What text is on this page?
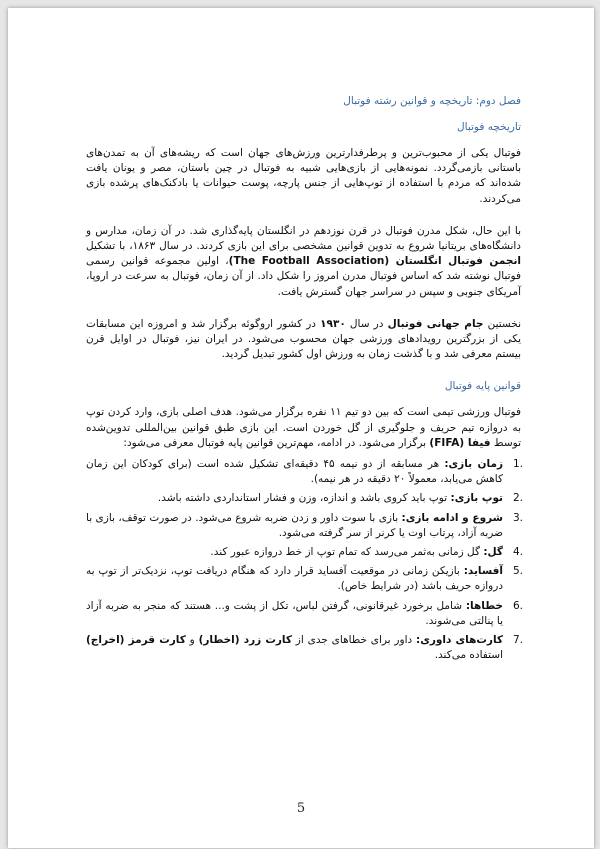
فصل دوم: تاریخچه و قوانین رشته فوتبال

تاریخچه فوتبال

فوتبال یکی از محبوب‌ترین و پرطرفدارترین ورزش‌های جهان است که ریشه‌های آن به تمدن‌های باستانی بازمی‌گردد. نمونه‌هایی از بازی‌هایی شبیه به فوتبال در چین باستان، مصر و یونان یافت شده‌اند که مردم با استفاده از توپ‌هایی از جنس پارچه، پوست حیوانات یا بادکنک‌های پرشده بازی می‌کردند.

با این حال، شکل مدرن فوتبال در قرن نوزدهم در انگلستان پایه‌گذاری شد. در آن زمان، مدارس و دانشگاه‌های بریتانیا شروع به تدوین قوانین مشخصی برای این بازی کردند. در سال ۱۸۶۳، با تشکیل انجمن فوتبال انگلستان (The Football Association)، اولین مجموعه قوانین رسمی فوتبال نوشته شد که اساس فوتبال مدرن امروز را شکل داد. از آن زمان، فوتبال به سرعت در اروپا، آمریکای جنوبی و سپس در سراسر جهان گسترش یافت.

نخستین جام جهانی فوتبال در سال ۱۹۳۰ در کشور اروگوئه برگزار شد و امروزه این مسابقات یکی از بزرگترین رویدادهای ورزشی جهان محسوب می‌شود. در ایران نیز، فوتبال در اوایل قرن بیستم معرفی شد و با گذشت زمان به ورزش اول کشور تبدیل گردید.

قوانین پایه فوتبال

فوتبال ورزشی تیمی است که بین دو تیم ۱۱ نفره برگزار می‌شود. هدف اصلی بازی، وارد کردن توپ به دروازه تیم حریف و جلوگیری از گل خوردن است. این بازی طبق قوانین بین‌المللی تدوین‌شده توسط فیفا (FIFA) برگزار می‌شود. در ادامه، مهم‌ترین قوانین پایه فوتبال معرفی می‌شود:

1.
زمان بازی: هر مسابقه از دو نیمه ۴۵ دقیقه‌ای تشکیل شده است (برای کودکان این زمان کاهش می‌یابد، معمولاً ۲۰ دقیقه در هر نیمه).
2.
توپ بازی: توپ باید کروی باشد و اندازه، وزن و فشار استانداردی داشته باشد.
3.
شروع و ادامه بازی: بازی با سوت داور و زدن ضربه شروع می‌شود. در صورت توقف، بازی با ضربه آزاد، پرتاب اوت یا کرنر از سر گرفته می‌شود.
4.
گل: گل زمانی به‌ثمر می‌رسد که تمام توپ از خط دروازه عبور کند.
5.
آفساید: بازیکن زمانی در موقعیت آفساید قرار دارد که هنگام دریافت توپ، نزدیک‌تر از توپ به دروازه حریف باشد (در شرایط خاص).
6.
خطاها: شامل برخورد غیرقانونی، گرفتن لباس، تکل از پشت و... هستند که منجر به ضربه آزاد یا پنالتی می‌شوند.
7.
کارت‌های داوری: داور برای خطاهای جدی از کارت زرد (اخطار) و کارت قرمز (اخراج) استفاده می‌کند.
5
